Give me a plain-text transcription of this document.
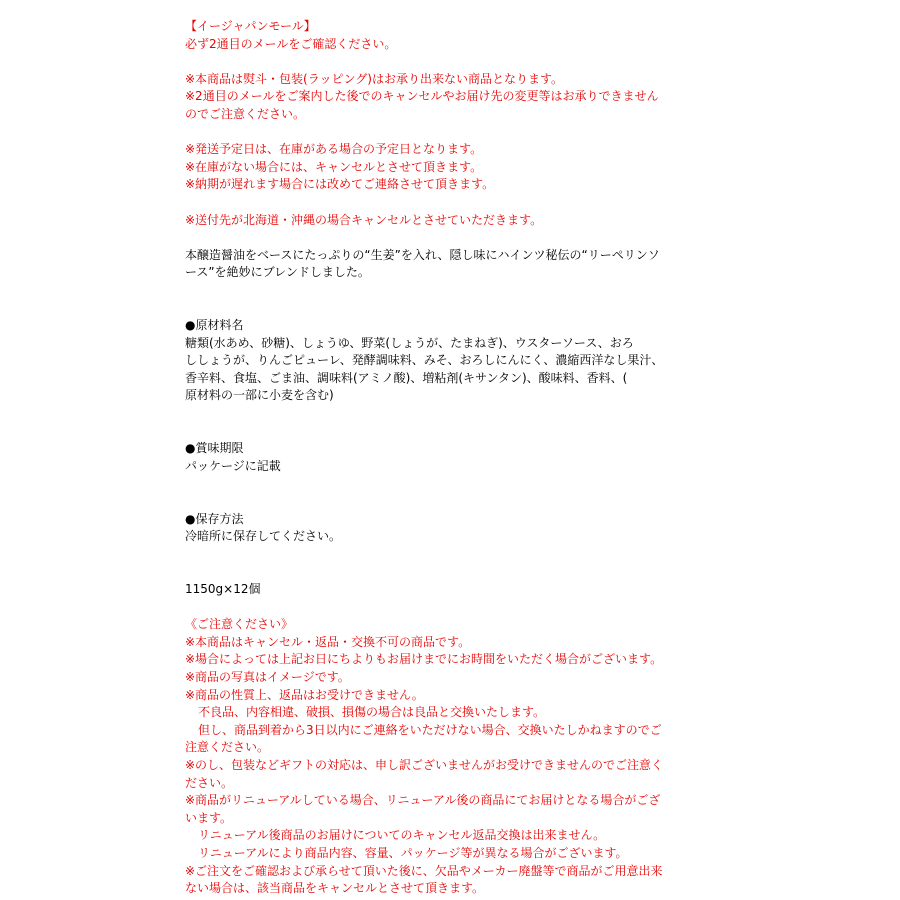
【イージャパンモール】
必ず2通目のメールをご確認ください。
※本商品は熨斗・包装(ラッピング)はお承り出来ない商品となります。
※2通目のメールをご案内した後でのキャンセルやお届け先の変更等はお承りできません
のでご注意ください。
※発送予定日は、在庫がある場合の予定日となります。
※在庫がない場合には、キャンセルとさせて頂きます。
※納期が遅れます場合には改めてご連絡させて頂きます。
※送付先が北海道・沖縄の場合キャンセルとさせていただきます。
本醸造醤油をベースにたっぷりの“生姜”を入れ、隠し味にハインツ秘伝の“リーペリンソ
ース”を絶妙にブレンドしました。
●原材料名
糖類(水あめ、砂糖)、しょうゆ、野菜(しょうが、たまねぎ)、ウスターソース、おろ
ししょうが、りんごピューレ、発酵調味料、みそ、おろしにんにく、濃縮西洋なし果汁、
香辛料、食塩、ごま油、調味料(アミノ酸)、増粘剤(キサンタン)、酸味料、香料、(
原材料の一部に小麦を含む)
●賞味期限
パッケージに記載
●保存方法
冷暗所に保存してください。
1150g×12個
《ご注意ください》
※本商品はキャンセル・返品・交換不可の商品です。
※場合によっては上記お日にちよりもお届けまでにお時間をいただく場合がございます。
※商品の写真はイメージです。
※商品の性質上、返品はお受けできません。
不良品、内容相違、破損、損傷の場合は良品と交換いたします。
但し、商品到着から3日以内にご連絡をいただけない場合、交換いたしかねますのでご
注意ください。
※のし、包装などギフトの対応は、申し訳ございませんがお受けできませんのでご注意く
ださい。
※商品がリニューアルしている場合、リニューアル後の商品にてお届けとなる場合がござ
います。
リニューアル後商品のお届けについてのキャンセル返品交換は出来ません。
リニューアルにより商品内容、容量、パッケージ等が異なる場合がございます。
※ご注文をご確認および承らせて頂いた後に、欠品やメーカー廃盤等で商品がご用意出来
ない場合は、該当商品をキャンセルとさせて頂きます。
